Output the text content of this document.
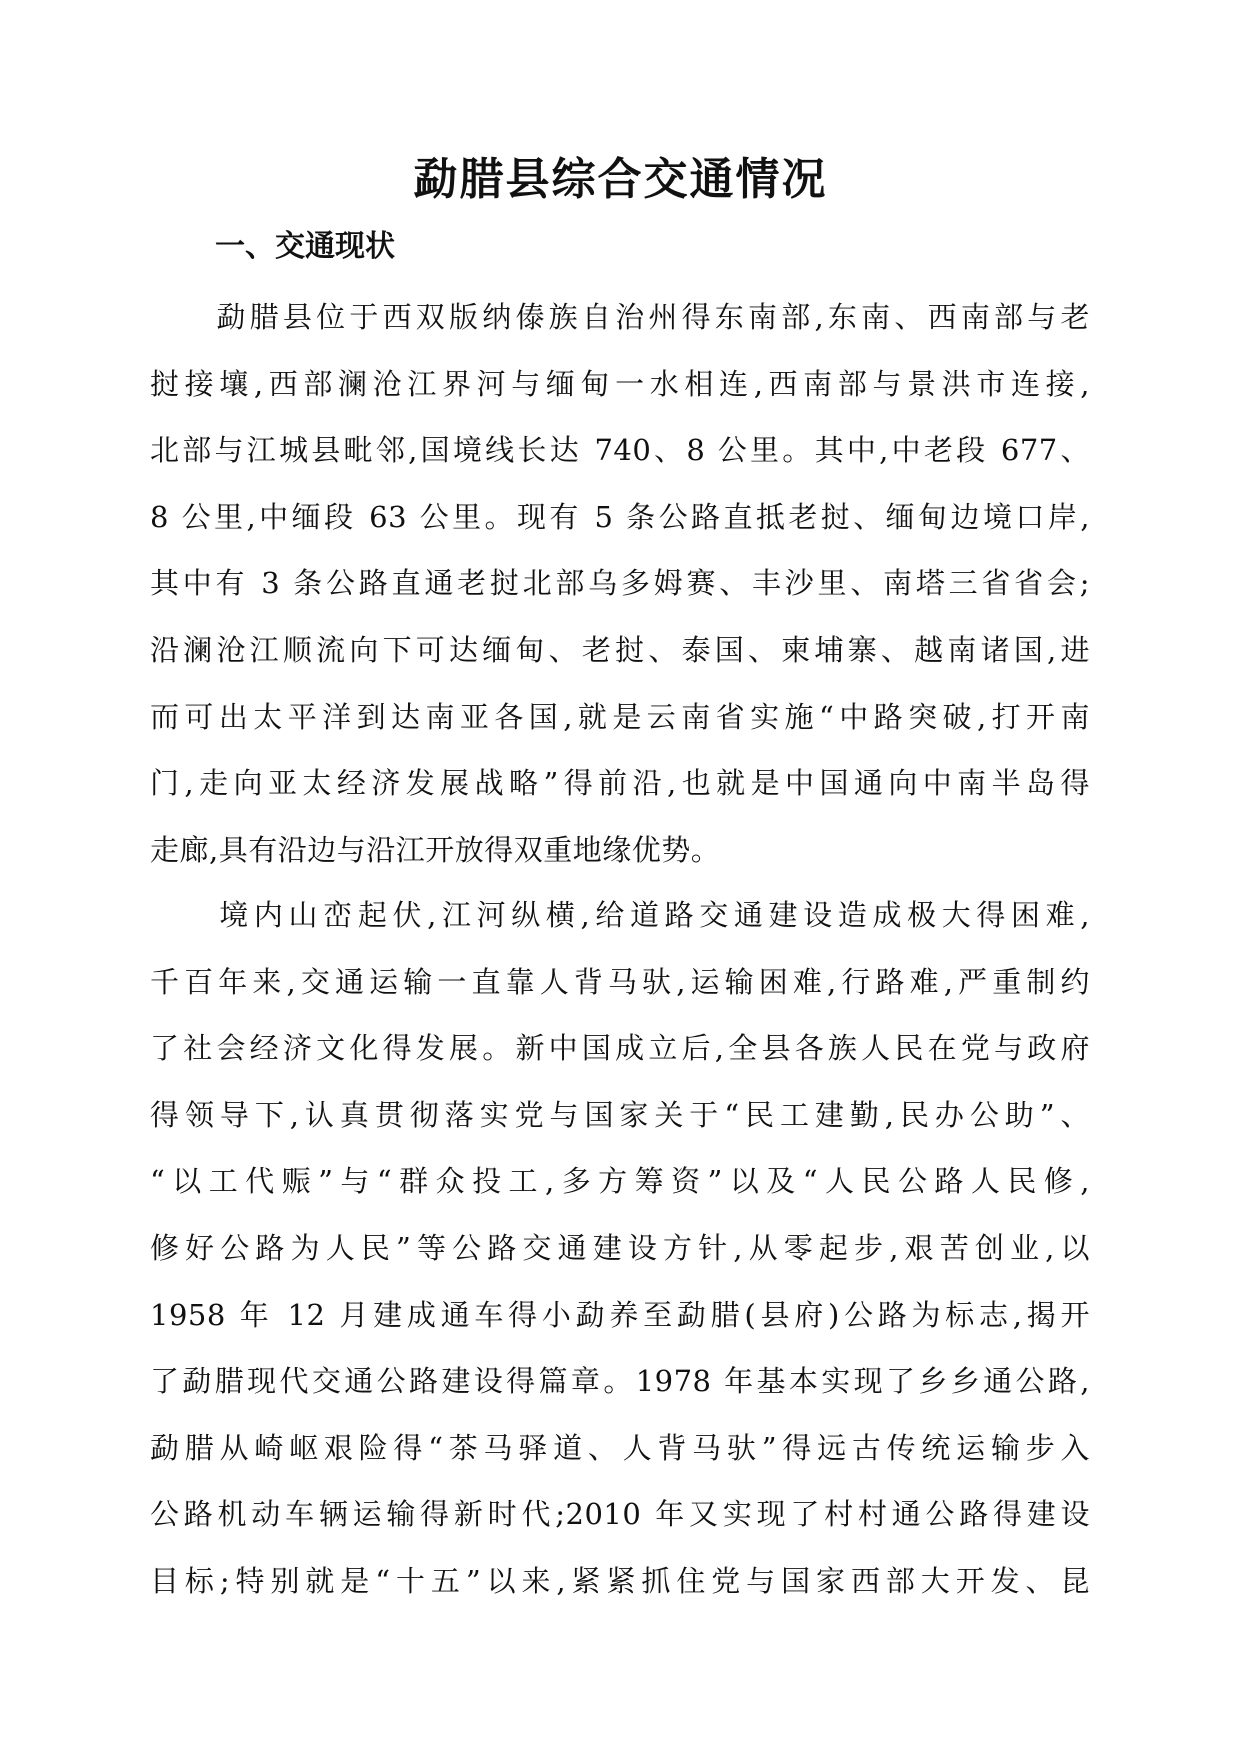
勐腊县综合交通情况
一、交通现状

　　勐腊县位于西双版纳傣族自治州得东南部,东南、西南部与老
挝接壤,西部澜沧江界河与缅甸一水相连,西南部与景洪市连接,
北部与江城县毗邻,国境线长达 740、8 公里。其中,中老段 677、
8 公里,中缅段 63 公里。现有 5 条公路直抵老挝、缅甸边境口岸,
其中有 3 条公路直通老挝北部乌多姆赛、丰沙里、南塔三省省会;
沿澜沧江顺流向下可达缅甸、老挝、泰国、柬埔寨、越南诸国,进
而可出太平洋到达南亚各国,就是云南省实施“中路突破,打开南
门,走向亚太经济发展战略”得前沿,也就是中国通向中南半岛得
走廊,具有沿边与沿江开放得双重地缘优势。

　　境内山峦起伏,江河纵横,给道路交通建设造成极大得困难,
千百年来,交通运输一直靠人背马驮,运输困难,行路难,严重制约
了社会经济文化得发展。新中国成立后,全县各族人民在党与政府
得领导下,认真贯彻落实党与国家关于“民工建勤,民办公助”、
“以工代赈”与“群众投工,多方筹资”以及“人民公路人民修,
修好公路为人民”等公路交通建设方针,从零起步,艰苦创业,以
1958 年 12 月建成通车得小勐养至勐腊(县府)公路为标志,揭开
了勐腊现代交通公路建设得篇章。1978 年基本实现了乡乡通公路,
勐腊从崎岖艰险得“茶马驿道、人背马驮”得远古传统运输步入
公路机动车辆运输得新时代;2010 年又实现了村村通公路得建设
目标;特别就是“十五”以来,紧紧抓住党与国家西部大开发、昆
